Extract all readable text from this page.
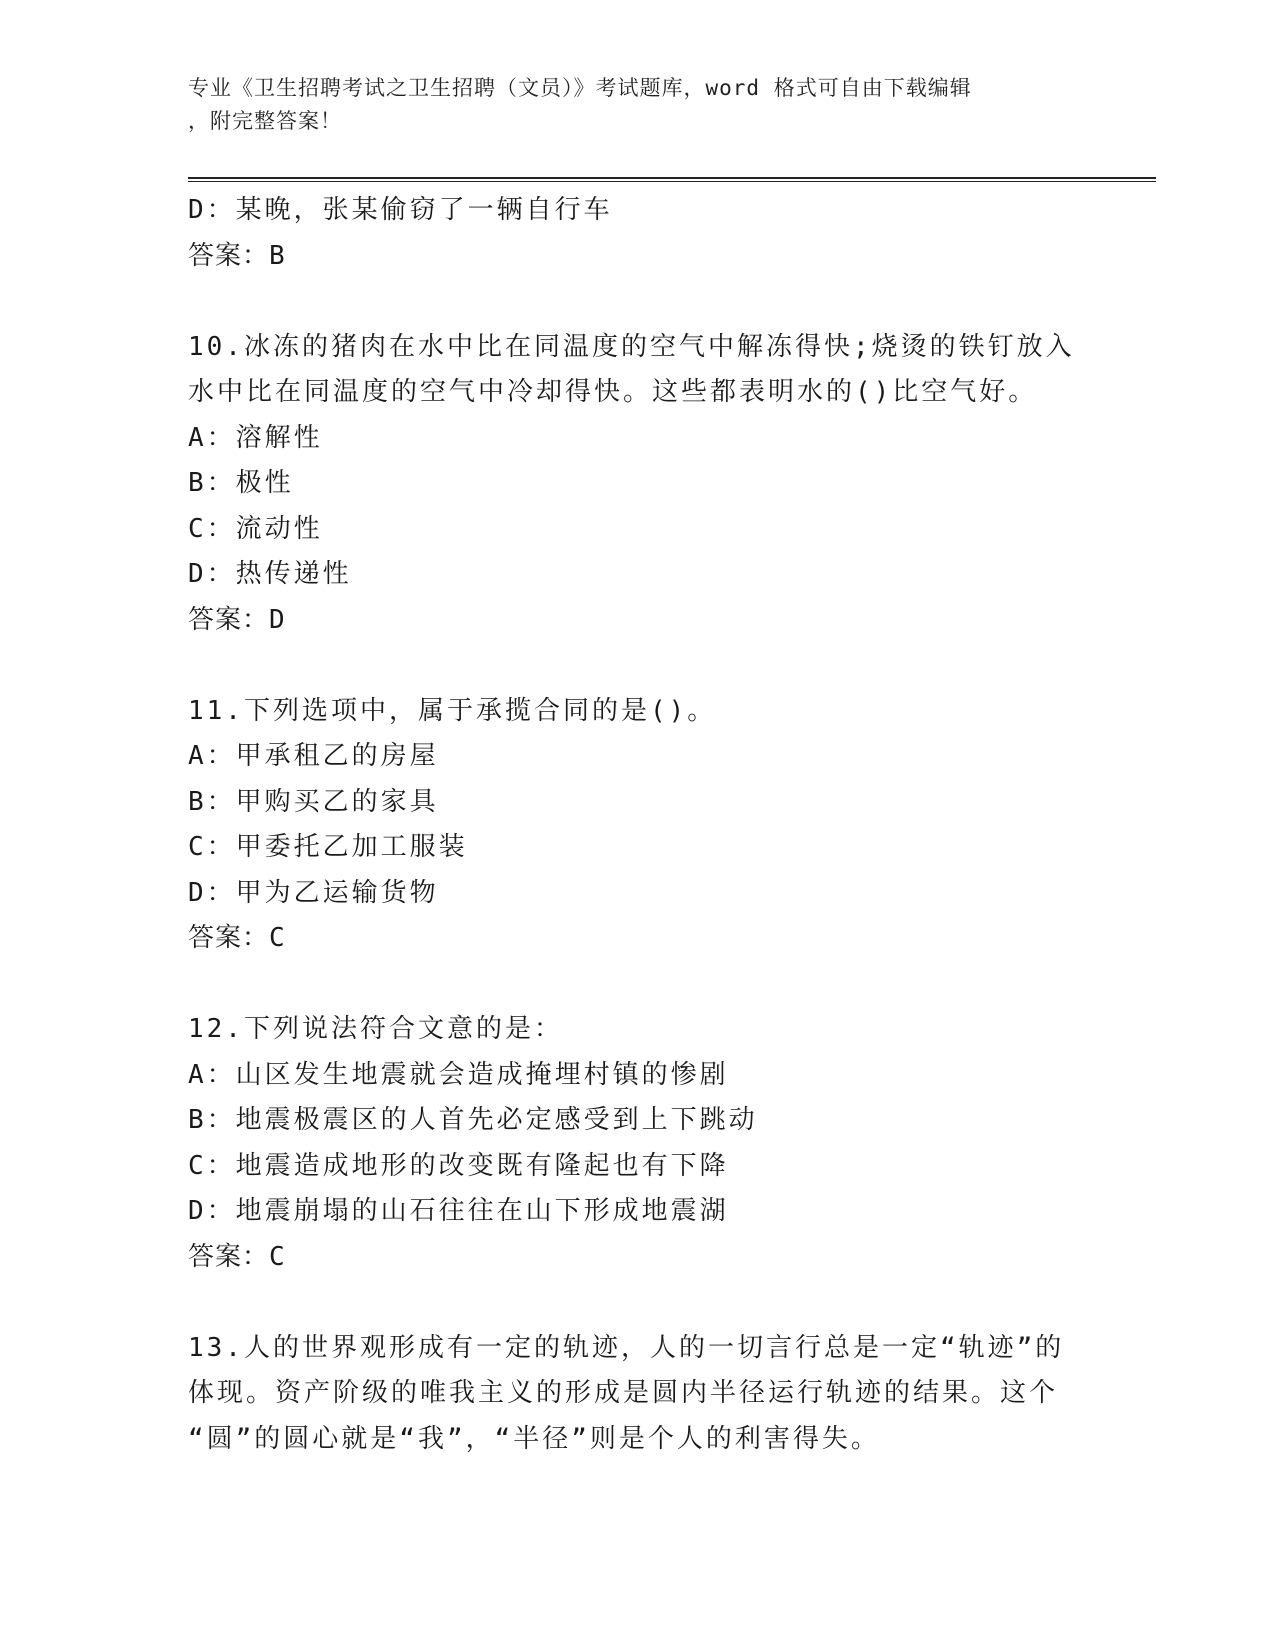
专业《卫生招聘考试之卫生招聘（文员）》考试题库，word 格式可自由下载编辑
，附完整答案！
D：某晚，张某偷窃了一辆自行车
答案：B
10.冰冻的猪肉在水中比在同温度的空气中解冻得快;烧烫的铁钉放入
水中比在同温度的空气中冷却得快。这些都表明水的()比空气好。
A：溶解性
B：极性
C：流动性
D：热传递性
答案：D
11.下列选项中，属于承揽合同的是()。
A：甲承租乙的房屋
B：甲购买乙的家具
C：甲委托乙加工服装
D：甲为乙运输货物
答案：C
12.下列说法符合文意的是：
A：山区发生地震就会造成掩埋村镇的惨剧
B：地震极震区的人首先必定感受到上下跳动
C：地震造成地形的改变既有隆起也有下降
D：地震崩塌的山石往往在山下形成地震湖
答案：C
13.人的世界观形成有一定的轨迹，人的一切言行总是一定“轨迹”的
体现。资产阶级的唯我主义的形成是圆内半径运行轨迹的结果。这个
“圆”的圆心就是“我”，“半径”则是个人的利害得失。
